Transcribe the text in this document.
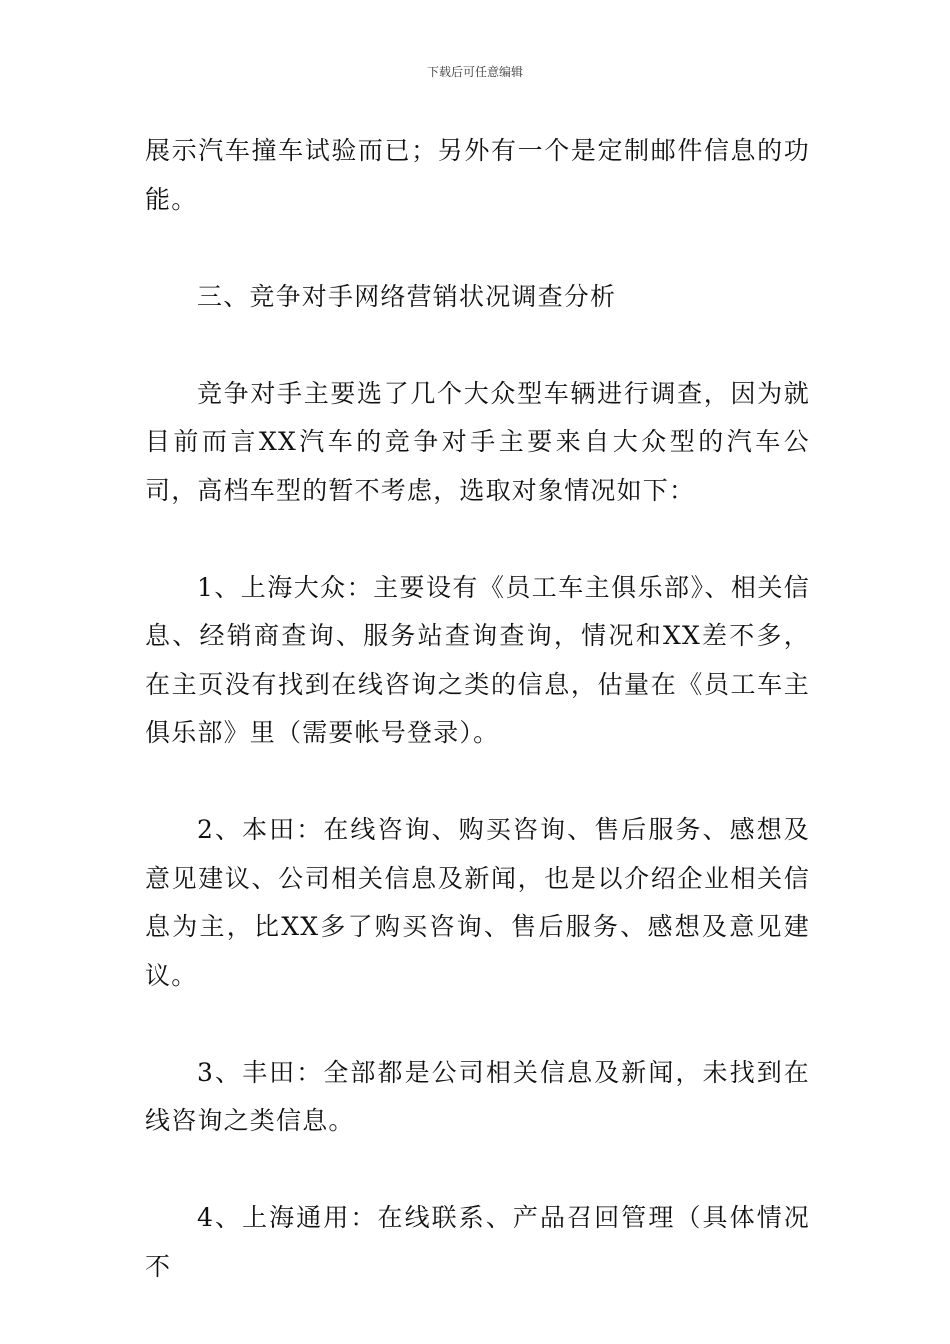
下载后可任意编辑

展示汽车撞车试验而已；另外有一个是定制邮件信息的功能。

三、竞争对手网络营销状况调查分析

竞争对手主要选了几个大众型车辆进行调查，因为就目前而言XX汽车的竞争对手主要来自大众型的汽车公司，高档车型的暂不考虑，选取对象情况如下：

1、上海大众：主要设有《员工车主俱乐部》、相关信息、经销商查询、服务站查询查询，情况和XX差不多，在主页没有找到在线咨询之类的信息，估量在《员工车主俱乐部》里（需要帐号登录）。

2、本田：在线咨询、购买咨询、售后服务、感想及意见建议、公司相关信息及新闻，也是以介绍企业相关信息为主，比XX多了购买咨询、售后服务、感想及意见建议。

3、丰田：全部都是公司相关信息及新闻，未找到在线咨询之类信息。

4、上海通用：在线联系、产品召回管理（具体情况不
